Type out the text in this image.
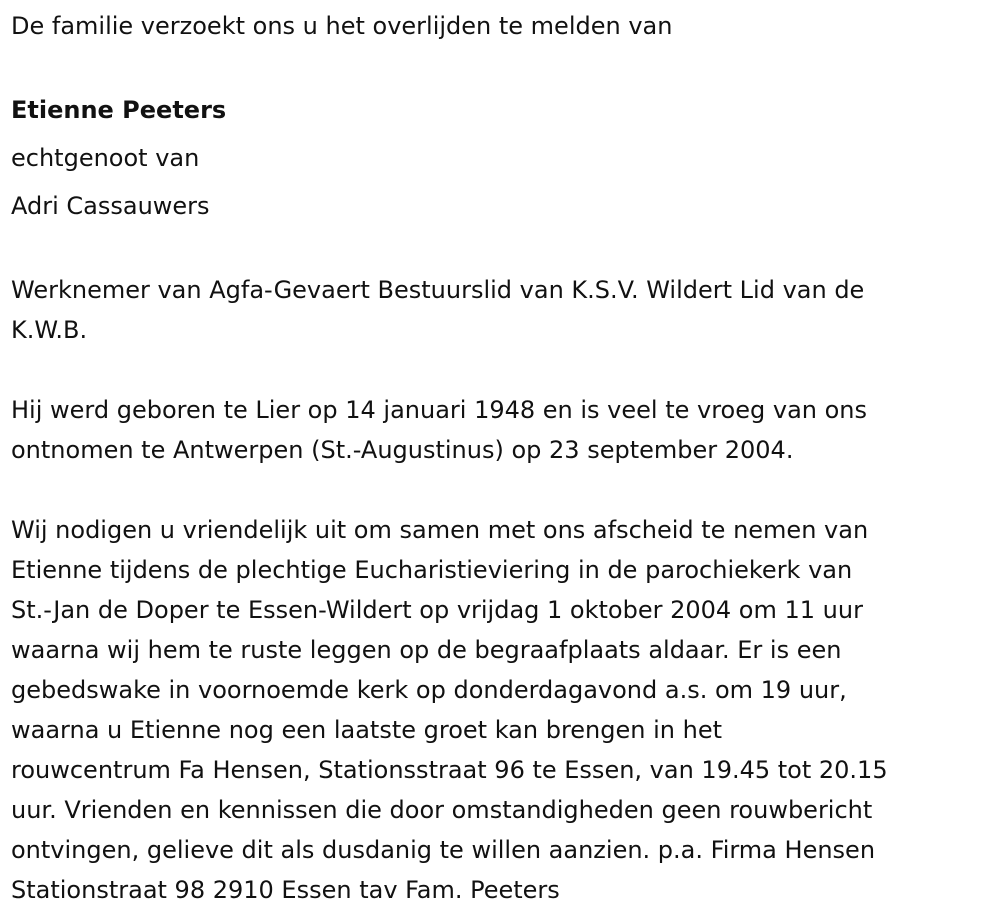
De familie verzoekt ons u het overlijden te melden van

Etienne Peeters

echtgenoot van

Adri Cassauwers

Werknemer van Agfa-Gevaert Bestuurslid van K.S.V. Wildert Lid van de

K.W.B.

Hij werd geboren te Lier op 14 januari 1948 en is veel te vroeg van ons

ontnomen te Antwerpen (St.-Augustinus) op 23 september 2004.

Wij nodigen u vriendelijk uit om samen met ons afscheid te nemen van

Etienne tijdens de plechtige Eucharistieviering in de parochiekerk van

St.-Jan de Doper te Essen-Wildert op vrijdag 1 oktober 2004 om 11 uur

waarna wij hem te ruste leggen op de begraafplaats aldaar. Er is een

gebedswake in voornoemde kerk op donderdagavond a.s. om 19 uur,

waarna u Etienne nog een laatste groet kan brengen in het

rouwcentrum Fa Hensen, Stationsstraat 96 te Essen, van 19.45 tot 20.15

uur. Vrienden en kennissen die door omstandigheden geen rouwbericht

ontvingen, gelieve dit als dusdanig te willen aanzien. p.a. Firma Hensen

Stationstraat 98 2910 Essen tav Fam. Peeters
